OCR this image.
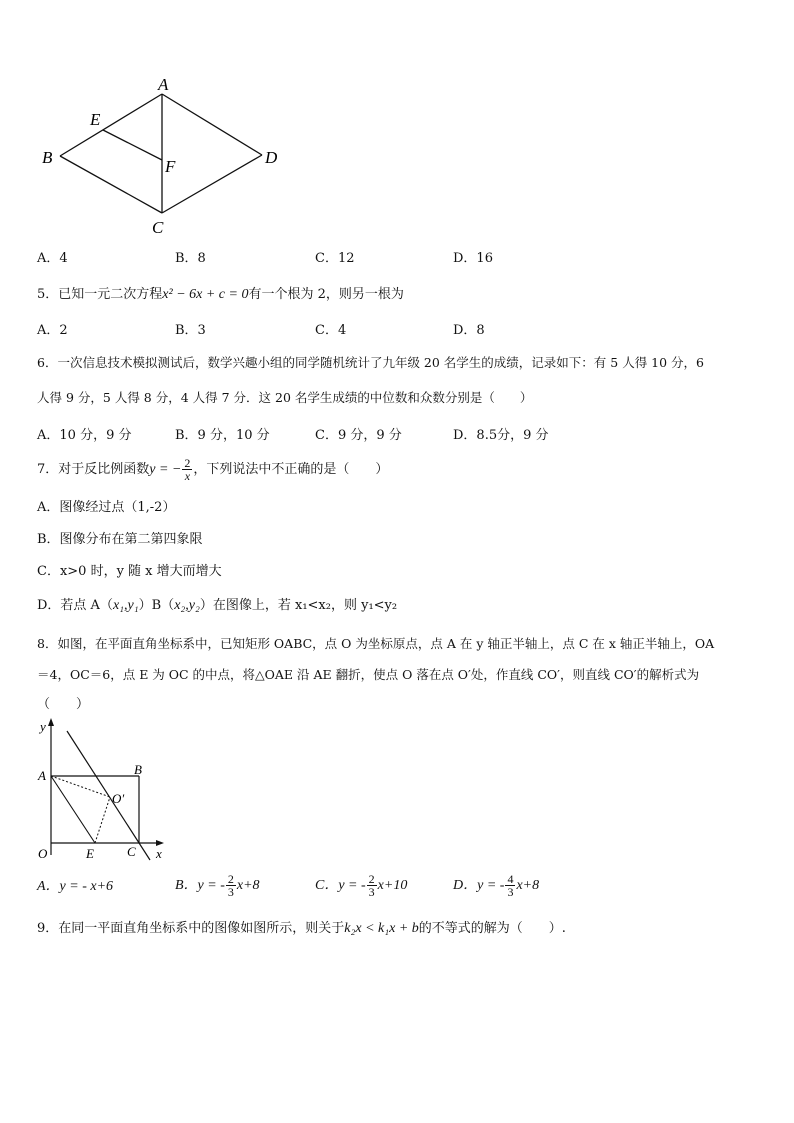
A
E
B	F	D
C
A．4	B．8	C．12	D．16
5．已知一元二次方程x² − 6x + c = 0有一个根为 2，则另一根为
A．2	B．3	C．4	D．8
6．一次信息技术模拟测试后，数学兴趣小组的同学随机统计了九年级 20 名学生的成绩，记录如下：有 5 人得 10 分，6
人得 9 分，5 人得 8 分，4 人得 7 分．这 20 名学生成绩的中位数和众数分别是（　　）
A．10 分，9 分	B．9 分，10 分	C．9 分，9 分	D．8.5分，9 分
7．对于反比例函数y = − $\frac{2}{x}$ ，下列说法中不正确的是（　　）
A．图像经过点（1,-2）
B．图像分布在第二第四象限
C．x>0 时，y 随 x 增大而增大
D．若点 A（x₁,y₁）B（x₂,y₂）在图像上，若 x₁<x₂，则 y₁<y₂
8．如图，在平面直角坐标系中，已知矩形 OABC，点 O 为坐标原点，点 A 在 y 轴正半轴上，点 C 在 x 轴正半轴上，OA
＝4，OC＝6，点 E 为 OC 的中点，将△OAE 沿 AE 翻折，使点 O 落在点 O′处，作直线 CO′，则直线 CO′的解析式为
（　　）
y
x
A	B
O′
O	E	C
A．y = - x+6	B．y = - $\frac{2}{3} x+8$	C．y = - $\frac{2}{3} x+10$	D．y = - $\frac{4}{3} x+8$
9．在同一平面直角坐标系中的图像如图所示，则关于k₂x < k₁x + b的不等式的解为（　　）.
